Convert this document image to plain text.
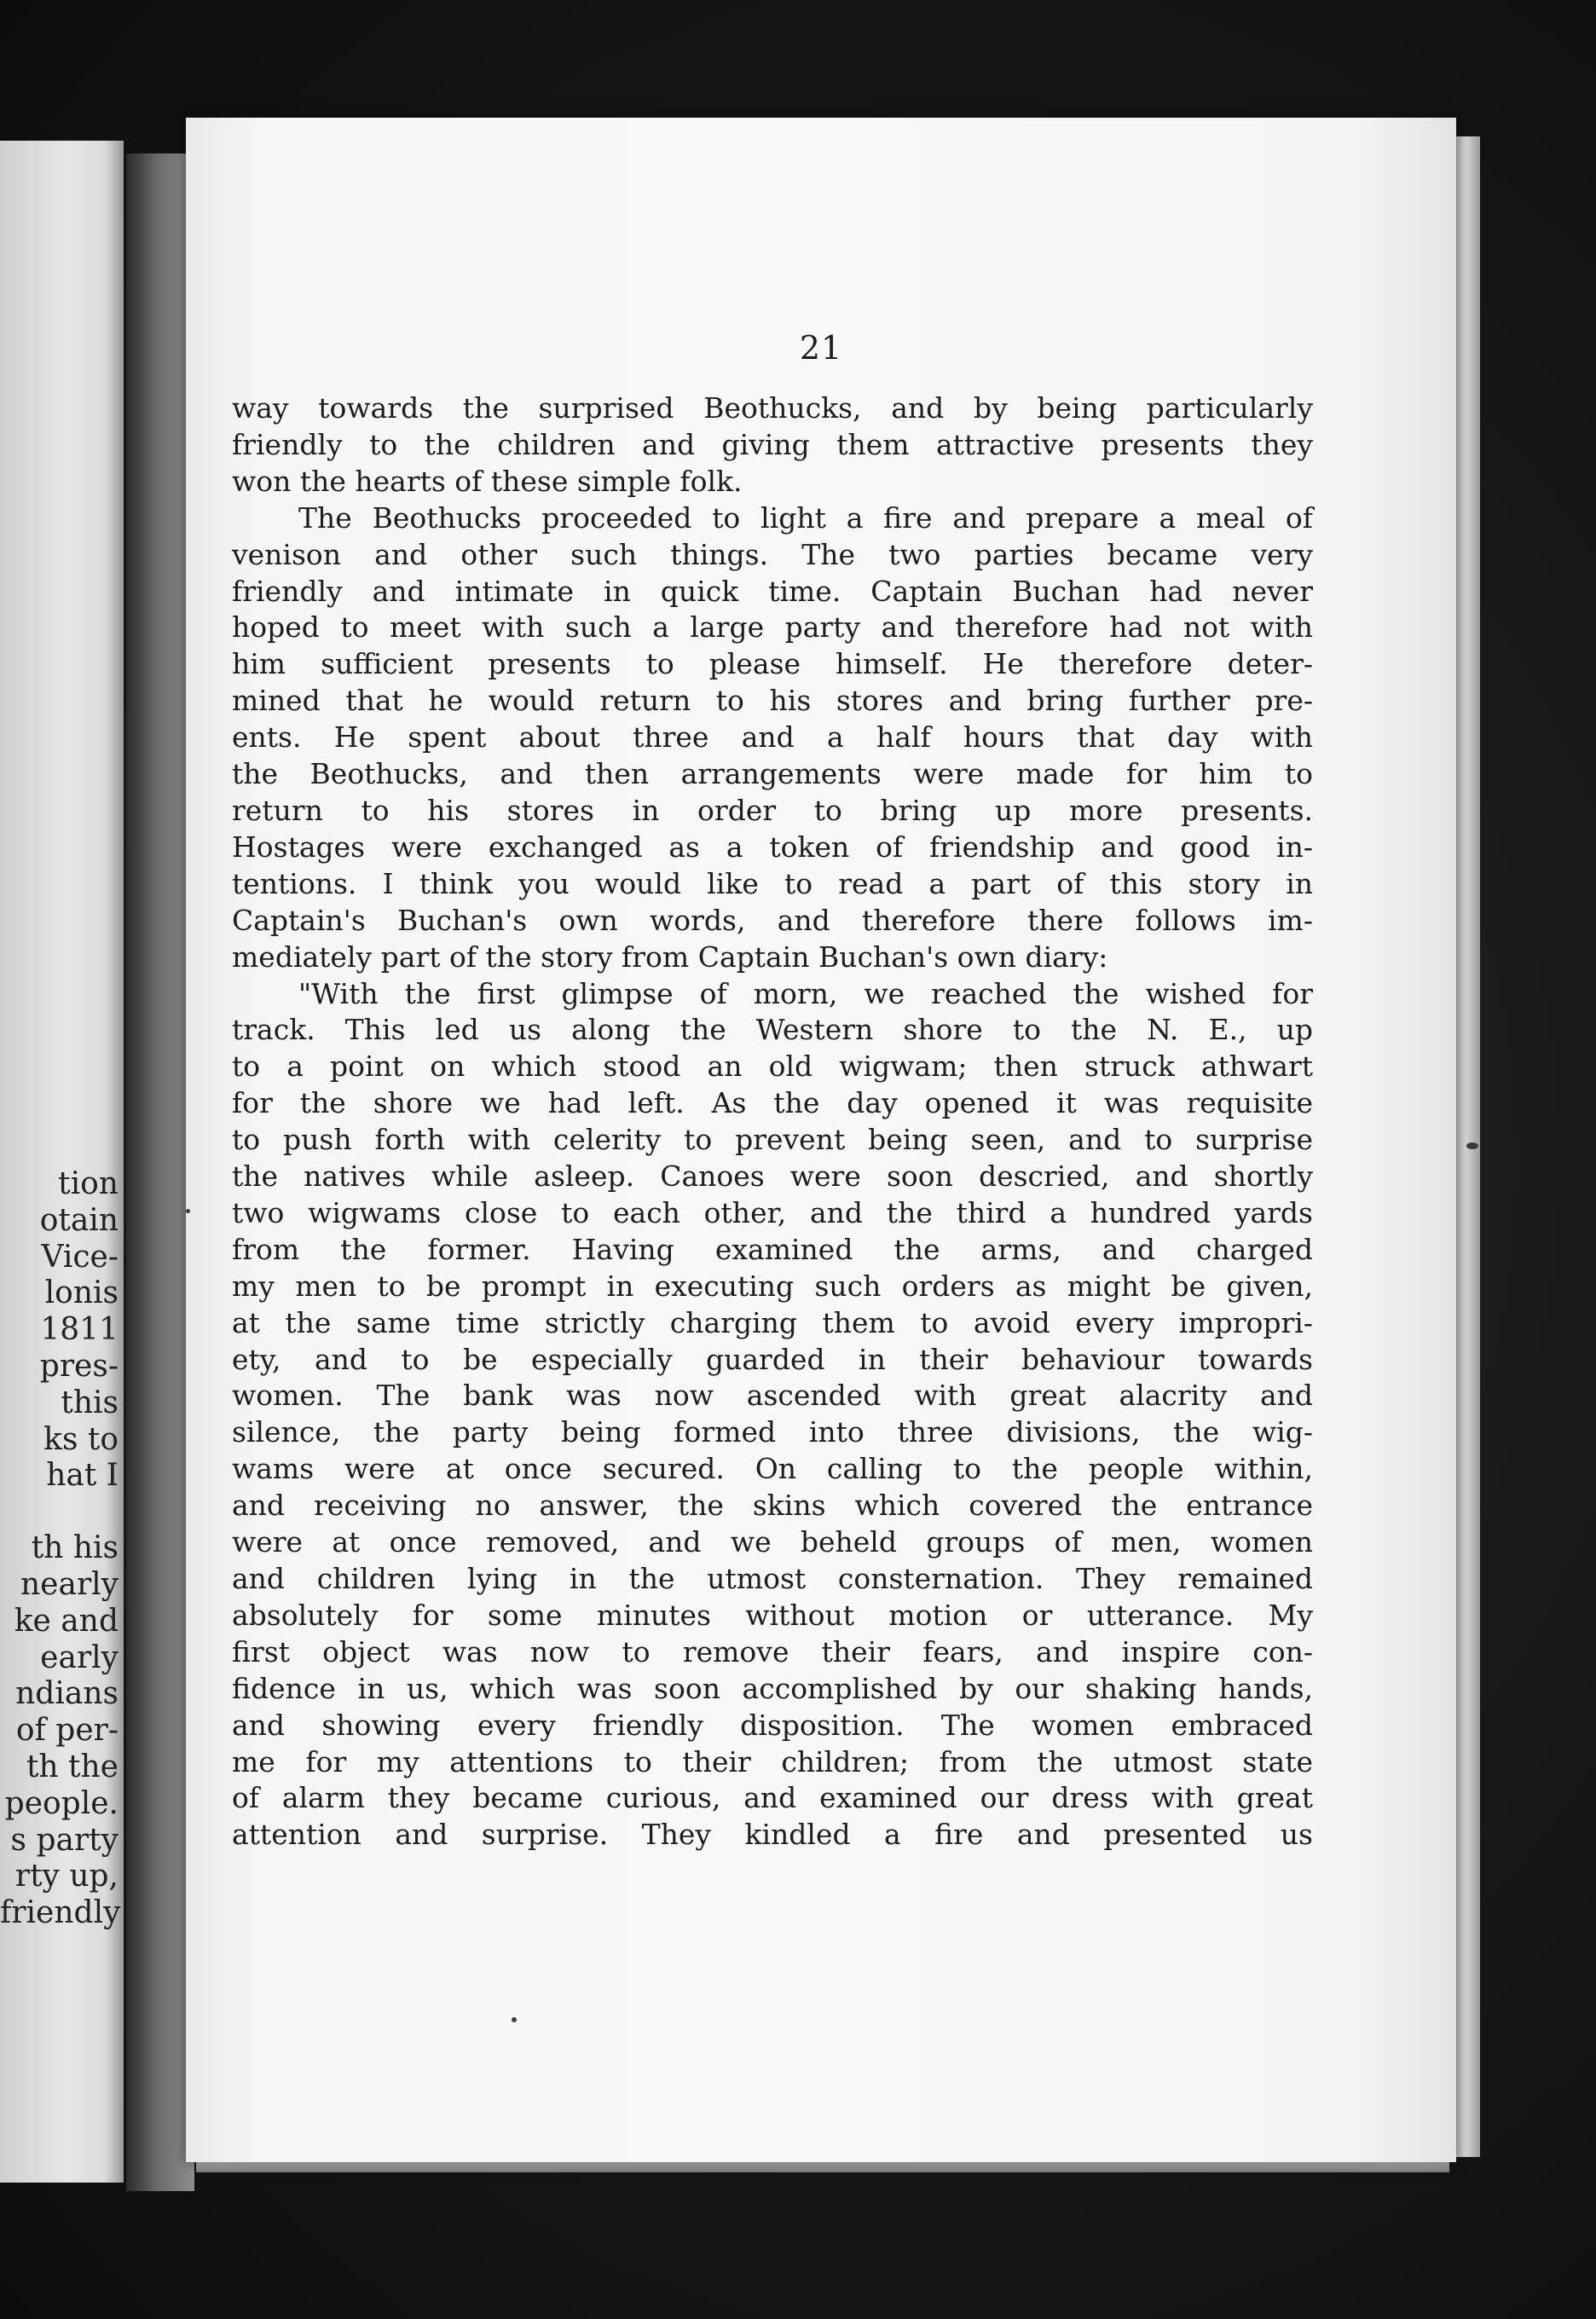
tion
otain
Vice-
lonis
1811
pres-
this
ks to
hat I
th his
nearly
ke and
early
ndians
of per-
th the
people.
s party
rty up,
friendly
21
way towards the surprised Beothucks, and by being particularly
friendly to the children and giving them attractive presents they
won the hearts of these simple folk.
The Beothucks proceeded to light a fire and prepare a meal of
venison and other such things. The two parties became very
friendly and intimate in quick time. Captain Buchan had never
hoped to meet with such a large party and therefore had not with
him sufficient presents to please himself. He therefore deter-
mined that he would return to his stores and bring further pre-
ents. He spent about three and a half hours that day with
the Beothucks, and then arrangements were made for him to
return to his stores in order to bring up more presents.
Hostages were exchanged as a token of friendship and good in-
tentions. I think you would like to read a part of this story in
Captain's Buchan's own words, and therefore there follows im-
mediately part of the story from Captain Buchan's own diary:
"With the first glimpse of morn, we reached the wished for
track. This led us along the Western shore to the N. E., up
to a point on which stood an old wigwam; then struck athwart
for the shore we had left. As the day opened it was requisite
to push forth with celerity to prevent being seen, and to surprise
the natives while asleep. Canoes were soon descried, and shortly
two wigwams close to each other, and the third a hundred yards
from the former. Having examined the arms, and charged
my men to be prompt in executing such orders as might be given,
at the same time strictly charging them to avoid every impropri-
ety, and to be especially guarded in their behaviour towards
women. The bank was now ascended with great alacrity and
silence, the party being formed into three divisions, the wig-
wams were at once secured. On calling to the people within,
and receiving no answer, the skins which covered the entrance
were at once removed, and we beheld groups of men, women
and children lying in the utmost consternation. They remained
absolutely for some minutes without motion or utterance. My
first object was now to remove their fears, and inspire con-
fidence in us, which was soon accomplished by our shaking hands,
and showing every friendly disposition. The women embraced
me for my attentions to their children; from the utmost state
of alarm they became curious, and examined our dress with great
attention and surprise. They kindled a fire and presented us
